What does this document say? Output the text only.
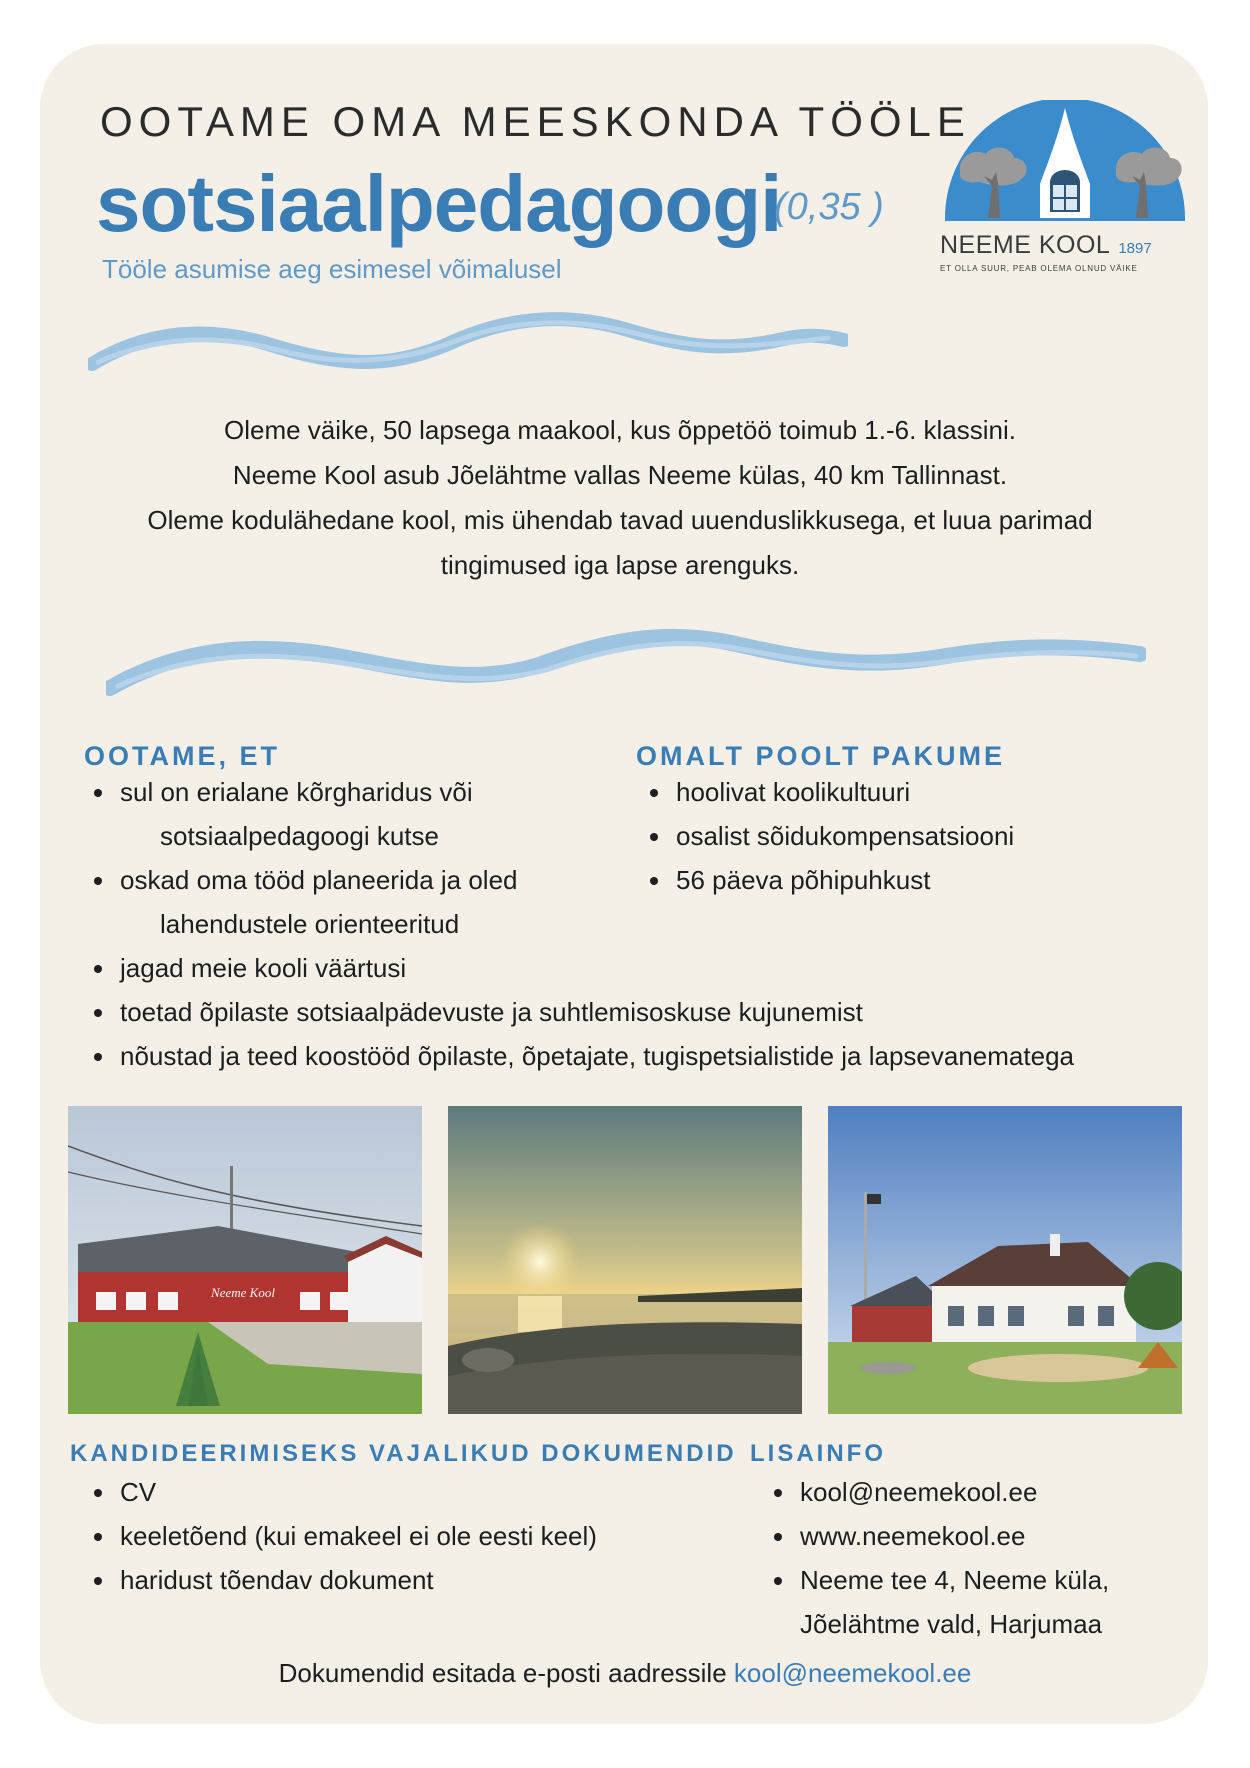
OOTAME OMA MEESKONDA TÖÖLE
sotsiaalpedagoogi
(0,35 )
Tööle asumise aeg esimesel võimalusel
NEEME KOOL 1897
ET OLLA SUUR, PEAB OLEMA OLNUD VÄIKE
Oleme väike, 50 lapsega maakool, kus õppetöö toimub 1.-6. klassini.
Neeme Kool asub Jõelähtme vallas Neeme külas, 40 km Tallinnast.
Oleme kodulähedane kool, mis ühendab tavad uuenduslikkusega, et luua parimad
tingimused iga lapse arenguks.
OOTAME, ET
sul on erialane kõrgharidus või
sotsiaalpedagoogi kutse
oskad oma tööd planeerida ja oled
lahendustele orienteeritud
jagad meie kooli väärtusi
toetad õpilaste sotsiaalpädevuste ja suhtlemisoskuse kujunemist
nõustad ja teed koostööd õpilaste, õpetajate, tugispetsialistide ja lapsevanematega
OMALT POOLT PAKUME
hoolivat koolikultuuri
osalist sõidukompensatsiooni
56 päeva põhipuhkust
Neeme Kool
KANDIDEERIMISEKS VAJALIKUD DOKUMENDID
CV
keeletõend (kui emakeel ei ole eesti keel)
haridust tõendav dokument
LISAINFO
kool@neemekool.ee
www.neemekool.ee
Neeme tee 4, Neeme küla,
Jõelähtme vald, Harjumaa
Dokumendid esitada e-posti aadressile kool@neemekool.ee
